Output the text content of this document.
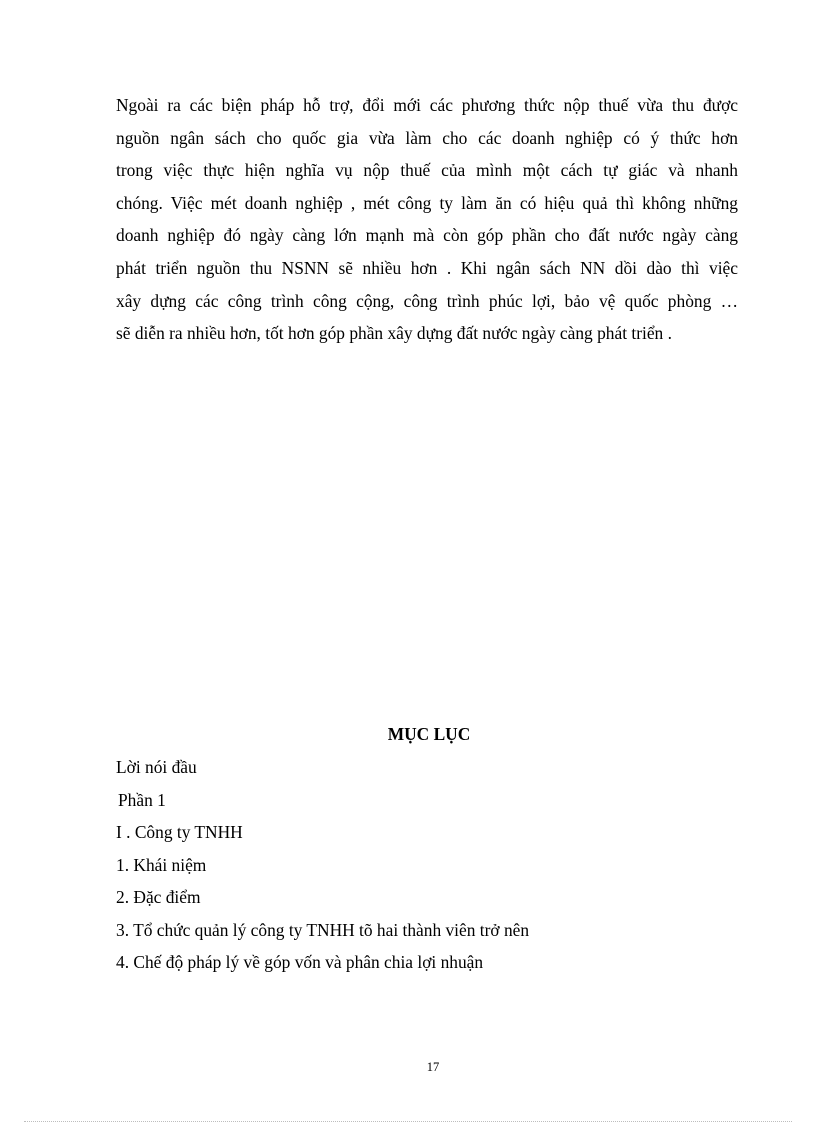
Ngoài ra các biện pháp hỗ trợ, đổi mới các phương thức nộp thuế vừa thu được
nguồn ngân sách cho quốc gia vừa làm cho các doanh nghiệp có ý thức hơn
trong việc thực hiện nghĩa vụ nộp thuế của mình một cách tự giác và nhanh
chóng. Việc mét doanh nghiệp , mét công ty làm ăn có hiệu quả thì không những
doanh nghiệp đó ngày càng lớn mạnh mà còn góp phần cho đất nước ngày càng
phát triển nguồn thu NSNN sẽ nhiều hơn . Khi ngân sách NN dồi dào thì việc
xây dựng các công trình công cộng, công trình phúc lợi, bảo vệ quốc phòng …
sẽ diễn ra nhiều hơn, tốt hơn góp phần xây dựng đất nước ngày càng phát triển .
MỤC LỤC
Lời nói đầu
Phần 1
I . Công ty TNHH
1. Khái niệm
2. Đặc điểm
3. Tổ chức quản lý công ty TNHH tõ hai thành viên trở nên
4. Chế độ pháp lý về góp vốn và phân chia lợi nhuận
17
